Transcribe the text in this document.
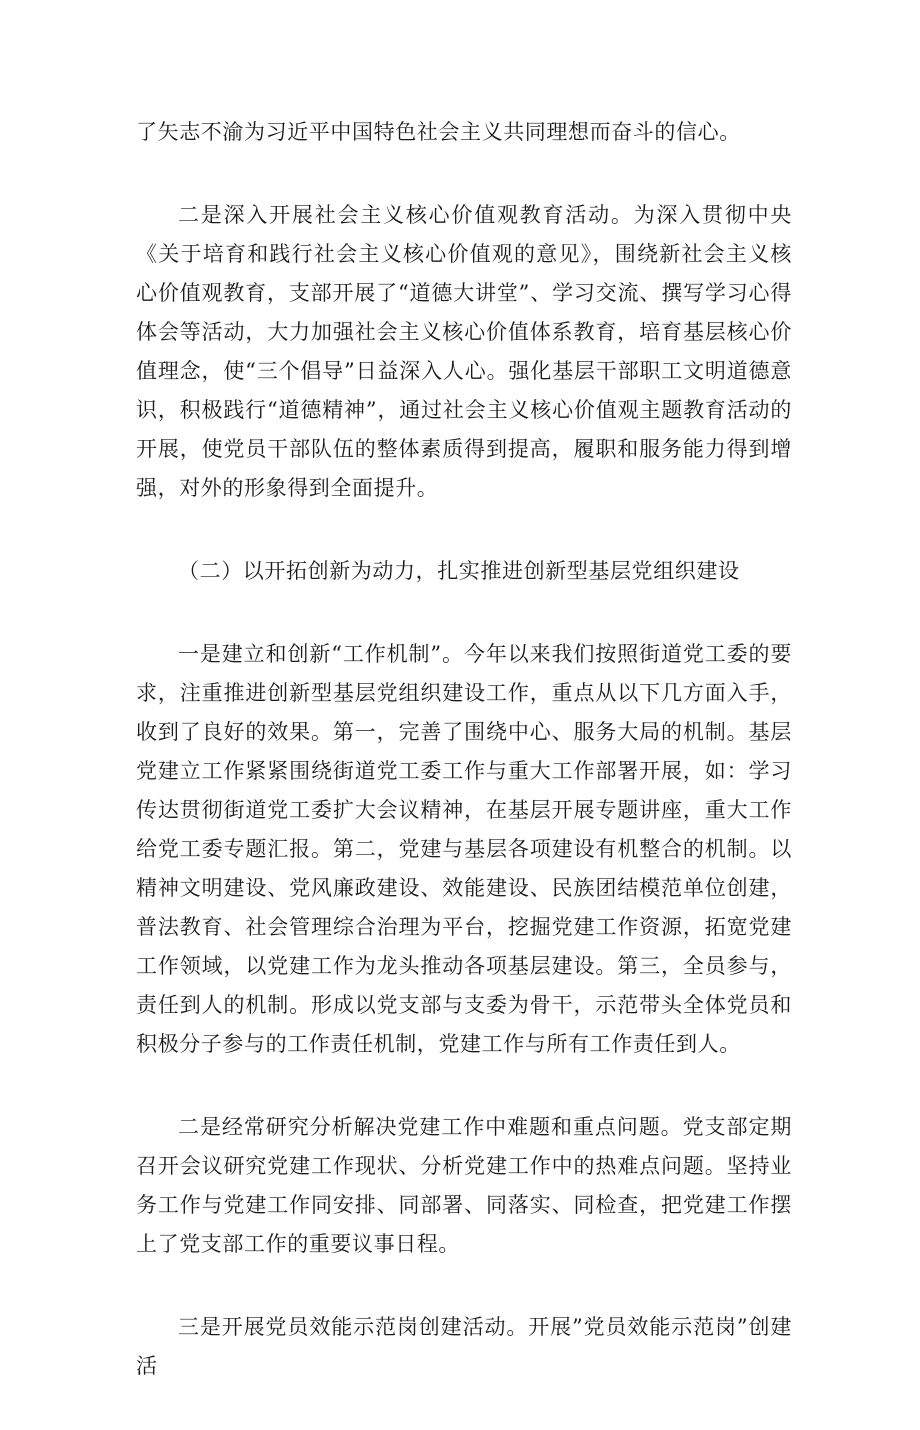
了矢志不渝为习近平中国特色社会主义共同理想而奋斗的信心。

二是深入开展社会主义核心价值观教育活动。为深入贯彻中央《关于培育和践行社会主义核心价值观的意见》，围绕新社会主义核心价值观教育，支部开展了“道德大讲堂”、学习交流、撰写学习心得体会等活动，大力加强社会主义核心价值体系教育，培育基层核心价值理念，使“三个倡导”日益深入人心。强化基层干部职工文明道德意识，积极践行“道德精神”，通过社会主义核心价值观主题教育活动的开展，使党员干部队伍的整体素质得到提高，履职和服务能力得到增强，对外的形象得到全面提升。

（二）以开拓创新为动力，扎实推进创新型基层党组织建设

一是建立和创新“工作机制”。今年以来我们按照街道党工委的要求，注重推进创新型基层党组织建设工作，重点从以下几方面入手，收到了良好的效果。第一，完善了围绕中心、服务大局的机制。基层党建立工作紧紧围绕街道党工委工作与重大工作部署开展，如：学习传达贯彻街道党工委扩大会议精神，在基层开展专题讲座，重大工作给党工委专题汇报。第二，党建与基层各项建设有机整合的机制。以精神文明建设、党风廉政建设、效能建设、民族团结模范单位创建，普法教育、社会管理综合治理为平台，挖掘党建工作资源，拓宽党建工作领域，以党建工作为龙头推动各项基层建设。第三，全员参与，责任到人的机制。形成以党支部与支委为骨干，示范带头全体党员和积极分子参与的工作责任机制，党建工作与所有工作责任到人。

二是经常研究分析解决党建工作中难题和重点问题。党支部定期召开会议研究党建工作现状、分析党建工作中的热难点问题。坚持业务工作与党建工作同安排、同部署、同落实、同检查，把党建工作摆上了党支部工作的重要议事日程。

三是开展党员效能示范岗创建活动。开展”党员效能示范岗”创建活
